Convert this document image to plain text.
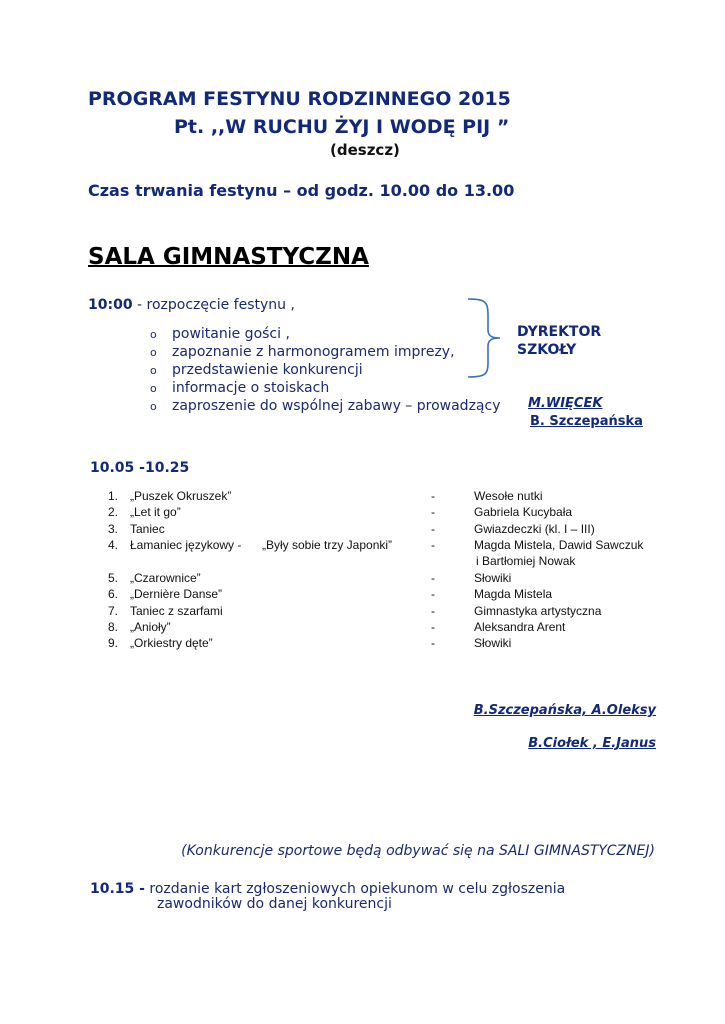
PROGRAM FESTYNU RODZINNEGO 2015
Pt. ,,W RUCHU ŻYJ I WODĘ PIJ ”
(deszcz)
Czas trwania festynu – od godz. 10.00 do 13.00
SALA GIMNASTYCZNA
10:00 - rozpoczęcie festynu ,
o powitanie gości ,
o zapoznanie z harmonogramem imprezy,
o przedstawienie konkurencji
o informacje o stoiskach
o zaproszenie do wspólnej zabawy – prowadzący
DYREKTOR
SZKOŁY
M.WIĘCEK
B. Szczepańska
10.05 -10.25
1. „Puszek Okruszek”	-	Wesołe nutki
2. „Let it go”	-	Gabriela Kucybała
3. Taniec	-	Gwiazdeczki (kl. I – III)
4. Łamaniec językowy - „Były sobie trzy Japonki”	-	Magda Mistela, Dawid Sawczuk
i Bartłomiej Nowak
5. „Czarownice”	-	Słowiki
6. „Dernière Danse”	-	Magda Mistela
7. Taniec z szarfami	-	Gimnastyka artystyczna
8. „Anioły”	-	Aleksandra Arent
9. „Orkiestry dęte”	-	Słowiki
B.Szczepańska, A.Oleksy
B.Ciołek , E.Janus
(Konkurencje sportowe będą odbywać się na SALI GIMNASTYCZNEJ)
10.15 - rozdanie kart zgłoszeniowych opiekunom w celu zgłoszenia
zawodników do danej konkurencji
